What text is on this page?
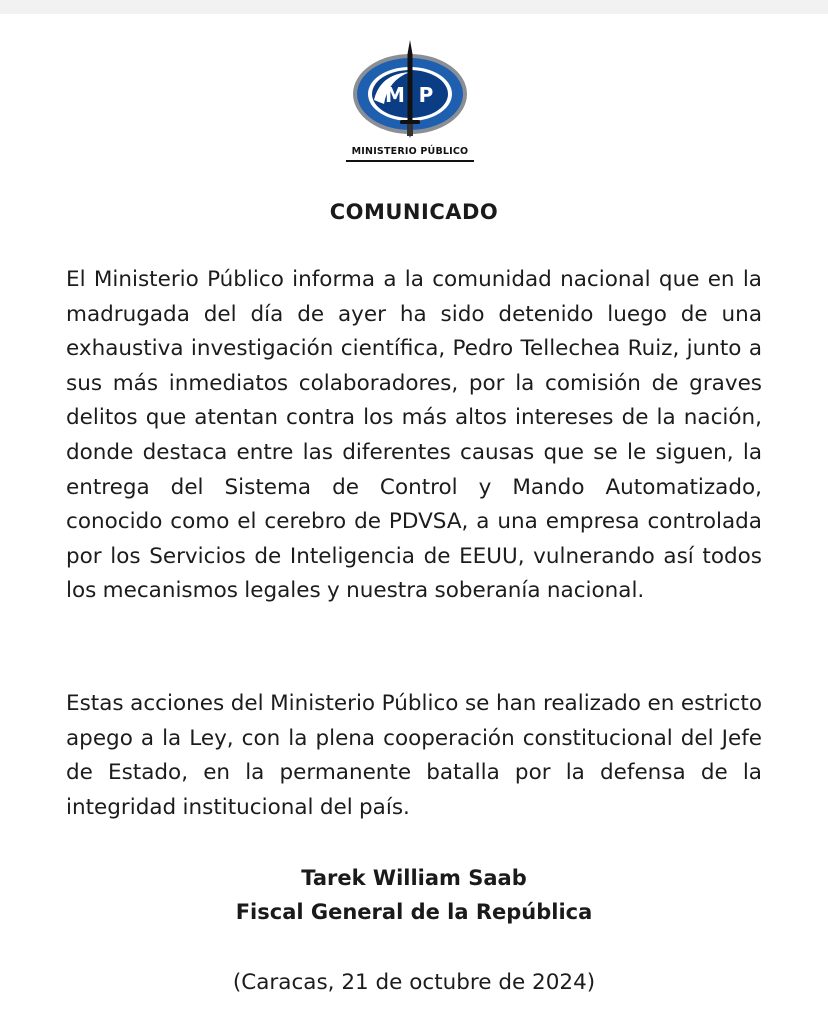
M P
MINISTERIO PÚBLICO
COMUNICADO

El Ministerio Público informa a la comunidad nacional que en la madrugada del día de ayer ha sido detenido luego de una exhaustiva investigación científica, Pedro Tellechea Ruiz, junto a sus más inmediatos colaboradores, por la comisión de graves delitos que atentan contra los más altos intereses de la nación, donde destaca entre las diferentes causas que se le siguen, la entrega del Sistema de Control y Mando Automatizado, conocido como el cerebro de PDVSA, a una empresa controlada por los Servicios de Inteligencia de EEUU, vulnerando así todos los mecanismos legales y nuestra soberanía nacional.

Estas acciones del Ministerio Público se han realizado en estricto apego a la Ley, con la plena cooperación constitucional del Jefe de Estado, en la permanente batalla por la defensa de la integridad institucional del país.

Tarek William Saab
Fiscal General de la República
(Caracas, 21 de octubre de 2024)
